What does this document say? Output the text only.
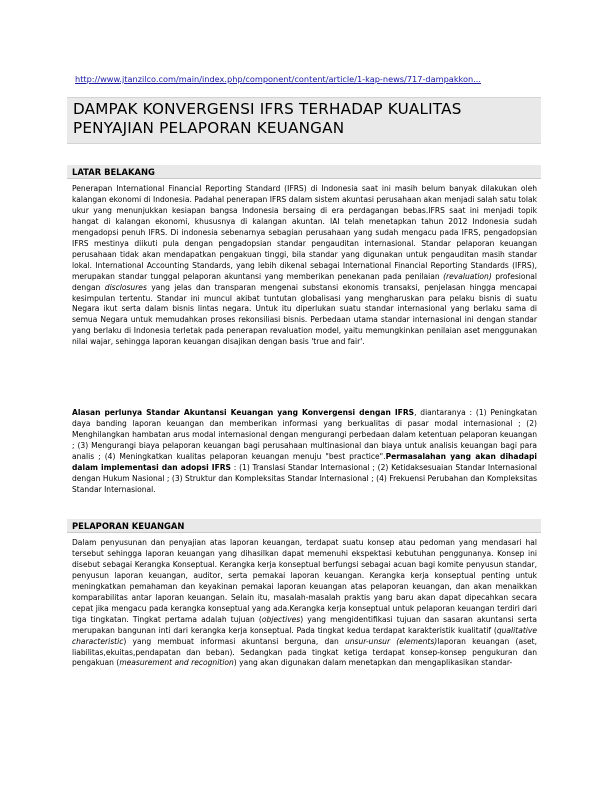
http://www.jtanzilco.com/main/index.php/component/content/article/1-kap-news/717-dampakkon...
DAMPAK KONVERGENSI IFRS TERHADAP KUALITAS
PENYAJIAN PELAPORAN KEUANGAN
LATAR BELAKANG

Penerapan International Financial Reporting Standard (IFRS) di Indonesia saat ini masih belum banyak dilakukan oleh kalangan ekonomi di Indonesia. Padahal penerapan IFRS dalam sistem akuntasi perusahaan akan menjadi salah satu tolak ukur yang menunjukkan kesiapan bangsa Indonesia bersaing di era perdagangan bebas.IFRS saat ini menjadi topik hangat di kalangan ekonomi, khususnya di kalangan akuntan. IAI telah menetapkan tahun 2012 Indonesia sudah mengadopsi penuh IFRS. Di indonesia sebenarnya sebagian perusahaan yang sudah mengacu pada IFRS, pengadopsian IFRS mestinya diikuti pula dengan pengadopsian standar pengauditan internasional. Standar pelaporan keuangan perusahaan tidak akan mendapatkan pengakuan tinggi, bila standar yang digunakan untuk pengauditan masih standar lokal. International Accounting Standards, yang lebih dikenal sebagai International Financial Reporting Standards (IFRS), merupakan standar tunggal pelaporan akuntansi yang memberikan penekanan pada penilaian (revaluation) profesional dengan disclosures yang jelas dan transparan mengenai substansi ekonomis transaksi, penjelasan hingga mencapai kesimpulan tertentu. Standar ini muncul akibat tuntutan globalisasi yang mengharuskan para pelaku bisnis di suatu Negara ikut serta dalam bisnis lintas negara. Untuk itu diperlukan suatu standar internasional yang berlaku sama di semua Negara untuk memudahkan proses rekonsiliasi bisnis. Perbedaan utama standar internasional ini dengan standar yang berlaku di Indonesia terletak pada penerapan revaluation model, yaitu memungkinkan penilaian aset menggunakan nilai wajar, sehingga laporan keuangan disajikan dengan basis 'true and fair'.

Alasan perlunya Standar Akuntansi Keuangan yang Konvergensi dengan IFRS, diantaranya : (1) Peningkatan daya banding laporan keuangan dan memberikan informasi yang berkualitas di pasar modal internasional ; (2) Menghilangkan hambatan arus modal internasional dengan mengurangi perbedaan dalam ketentuan pelaporan keuangan ; (3) Mengurangi biaya pelaporan keuangan bagi perusahaan multinasional dan biaya untuk analisis keuangan bagi para analis ; (4) Meningkatkan kualitas pelaporan keuangan menuju "best practice".Permasalahan yang akan dihadapi dalam implementasi dan adopsi IFRS : (1) Translasi Standar Internasional ; (2) Ketidaksesuaian Standar Internasional dengan Hukum Nasional ; (3) Struktur dan Kompleksitas Standar Internasional ; (4) Frekuensi Perubahan dan Kompleksitas Standar Internasional.

PELAPORAN KEUANGAN

Dalam penyusunan dan penyajian atas laporan keuangan, terdapat suatu konsep atau pedoman yang mendasari hal tersebut sehingga laporan keuangan yang dihasilkan dapat memenuhi ekspektasi kebutuhan penggunanya. Konsep ini disebut sebagai Kerangka Konseptual. Kerangka kerja konseptual berfungsi sebagai acuan bagi komite penyusun standar, penyusun laporan keuangan, auditor, serta pemakai laporan keuangan. Kerangka kerja konseptual penting untuk meningkatkan pemahaman dan keyakinan pemakai laporan keuangan atas pelaporan keuangan, dan akan menaikkan komparabilitas antar laporan keuangan. Selain itu, masalah-masalah praktis yang baru akan dapat dipecahkan secara cepat jika mengacu pada kerangka konseptual yang ada.Kerangka kerja konseptual untuk pelaporan keuangan terdiri dari tiga tingkatan. Tingkat pertama adalah tujuan (objectives) yang mengidentifikasi tujuan dan sasaran akuntansi serta merupakan bangunan inti dari kerangka kerja konseptual. Pada tingkat kedua terdapat karakteristik kualitatif (qualitative characteristic) yang membuat informasi akuntansi berguna, dan unsur-unsur (elements)laporan keuangan (aset, liabilitas,ekuitas,pendapatan dan beban). Sedangkan pada tingkat ketiga terdapat konsep-konsep pengukuran dan pengakuan (measurement and recognition) yang akan digunakan dalam menetapkan dan mengaplikasikan standar-
